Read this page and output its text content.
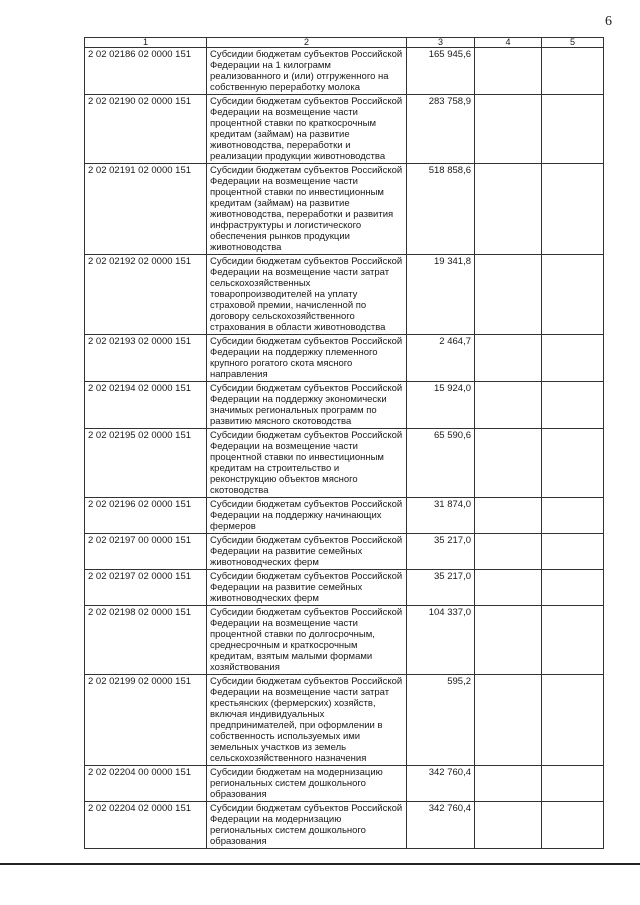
6
1	2	3	4	5
2 02 02186 02 0000 151	Субсидии бюджетам субъектов Российской Федерации на 1 килограмм реализованного и (или) отгруженного на собственную переработку молока	165 945,6		
2 02 02190 02 0000 151	Субсидии бюджетам субъектов Российской Федерации на возмещение части процентной ставки по краткосрочным кредитам (займам) на развитие животноводства, переработки и реализации продукции животноводства	283 758,9		
2 02 02191 02 0000 151	Субсидии бюджетам субъектов Российской Федерации на возмещение части процентной ставки по инвестиционным кредитам (займам) на развитие животноводства, переработки и развития инфраструктуры и логистического обеспечения рынков продукции животноводства	518 858,6		
2 02 02192 02 0000 151	Субсидии бюджетам субъектов Российской Федерации на возмещение части затрат сельскохозяйственных товаропроизводителей на уплату страховой премии, начисленной по договору сельскохозяйственного страхования в области животноводства	19 341,8		
2 02 02193 02 0000 151	Субсидии бюджетам субъектов Российской Федерации на поддержку племенного крупного рогатого скота мясного направления	2 464,7		
2 02 02194 02 0000 151	Субсидии бюджетам субъектов Российской Федерации на поддержку экономически значимых региональных программ по развитию мясного скотоводства	15 924,0		
2 02 02195 02 0000 151	Субсидии бюджетам субъектов Российской Федерации на возмещение части процентной ставки по инвестиционным кредитам на строительство и реконструкцию объектов мясного скотоводства	65 590,6		
2 02 02196 02 0000 151	Субсидии бюджетам субъектов Российской Федерации на поддержку начинающих фермеров	31 874,0		
2 02 02197 00 0000 151	Субсидии бюджетам субъектов Российской Федерации на развитие семейных животноводческих ферм	35 217,0		
2 02 02197 02 0000 151	Субсидии бюджетам субъектов Российской Федерации на развитие семейных животноводческих ферм	35 217,0		
2 02 02198 02 0000 151	Субсидии бюджетам субъектов Российской Федерации на возмещение части процентной ставки по долгосрочным, среднесрочным и краткосрочным кредитам, взятым малыми формами хозяйствования	104 337,0		
2 02 02199 02 0000 151	Субсидии бюджетам субъектов Российской Федерации на возмещение части затрат крестьянских (фермерских) хозяйств, включая индивидуальных предпринимателей, при оформлении в собственность используемых ими земельных участков из земель сельскохозяйственного назначения	595,2		
2 02 02204 00 0000 151	Субсидии бюджетам на модернизацию региональных систем дошкольного образования	342 760,4		
2 02 02204 02 0000 151	Субсидии бюджетам субъектов Российской Федерации на модернизацию региональных систем дошкольного образования	342 760,4		
